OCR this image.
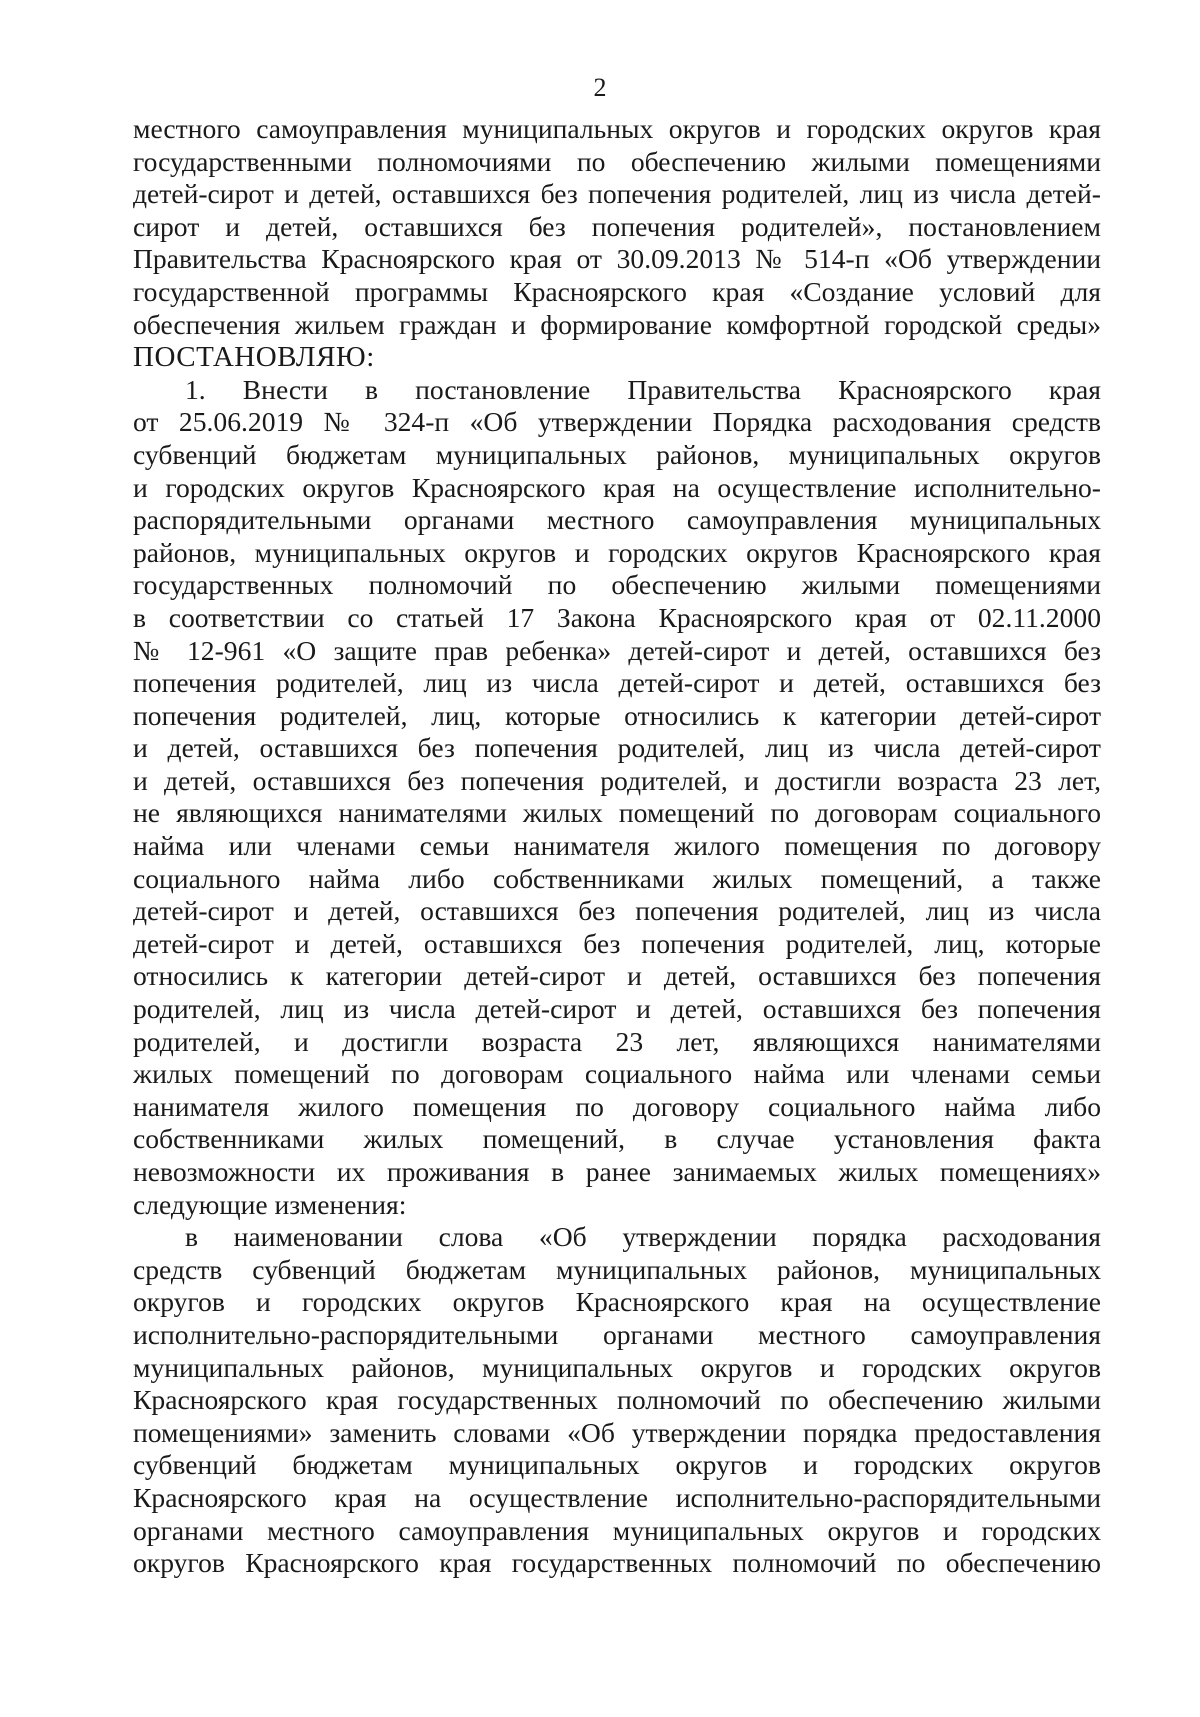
2
местного самоуправления муниципальных округов и городских округов края
государственными полномочиями по обеспечению жилыми помещениями
детей-сирот и детей, оставшихся без попечения родителей, лиц из числа детей-
сирот и детей, оставшихся без попечения родителей», постановлением
Правительства Красноярского края от 30.09.2013 № 514-п «Об утверждении
государственной программы Красноярского края «Создание условий для
обеспечения жильем граждан и формирование комфортной городской среды»
ПОСТАНОВЛЯЮ:
1. Внести в постановление Правительства Красноярского края
от 25.06.2019 № 324-п «Об утверждении Порядка расходования средств
субвенций бюджетам муниципальных районов, муниципальных округов
и городских округов Красноярского края на осуществление исполнительно-
распорядительными органами местного самоуправления муниципальных
районов, муниципальных округов и городских округов Красноярского края
государственных полномочий по обеспечению жилыми помещениями
в соответствии со статьей 17 Закона Красноярского края от 02.11.2000
№ 12-961 «О защите прав ребенка» детей-сирот и детей, оставшихся без
попечения родителей, лиц из числа детей-сирот и детей, оставшихся без
попечения родителей, лиц, которые относились к категории детей-сирот
и детей, оставшихся без попечения родителей, лиц из числа детей-сирот
и детей, оставшихся без попечения родителей, и достигли возраста 23 лет,
не являющихся нанимателями жилых помещений по договорам социального
найма или членами семьи нанимателя жилого помещения по договору
социального найма либо собственниками жилых помещений, а также
детей-сирот и детей, оставшихся без попечения родителей, лиц из числа
детей-сирот и детей, оставшихся без попечения родителей, лиц, которые
относились к категории детей-сирот и детей, оставшихся без попечения
родителей, лиц из числа детей-сирот и детей, оставшихся без попечения
родителей, и достигли возраста 23 лет, являющихся нанимателями
жилых помещений по договорам социального найма или членами семьи
нанимателя жилого помещения по договору социального найма либо
собственниками жилых помещений, в случае установления факта
невозможности их проживания в ранее занимаемых жилых помещениях»
следующие изменения:
в наименовании слова «Об утверждении порядка расходования
средств субвенций бюджетам муниципальных районов, муниципальных
округов и городских округов Красноярского края на осуществление
исполнительно-распорядительными органами местного самоуправления
муниципальных районов, муниципальных округов и городских округов
Красноярского края государственных полномочий по обеспечению жилыми
помещениями» заменить словами «Об утверждении порядка предоставления
субвенций бюджетам муниципальных округов и городских округов
Красноярского края на осуществление исполнительно-распорядительными
органами местного самоуправления муниципальных округов и городских
округов Красноярского края государственных полномочий по обеспечению
